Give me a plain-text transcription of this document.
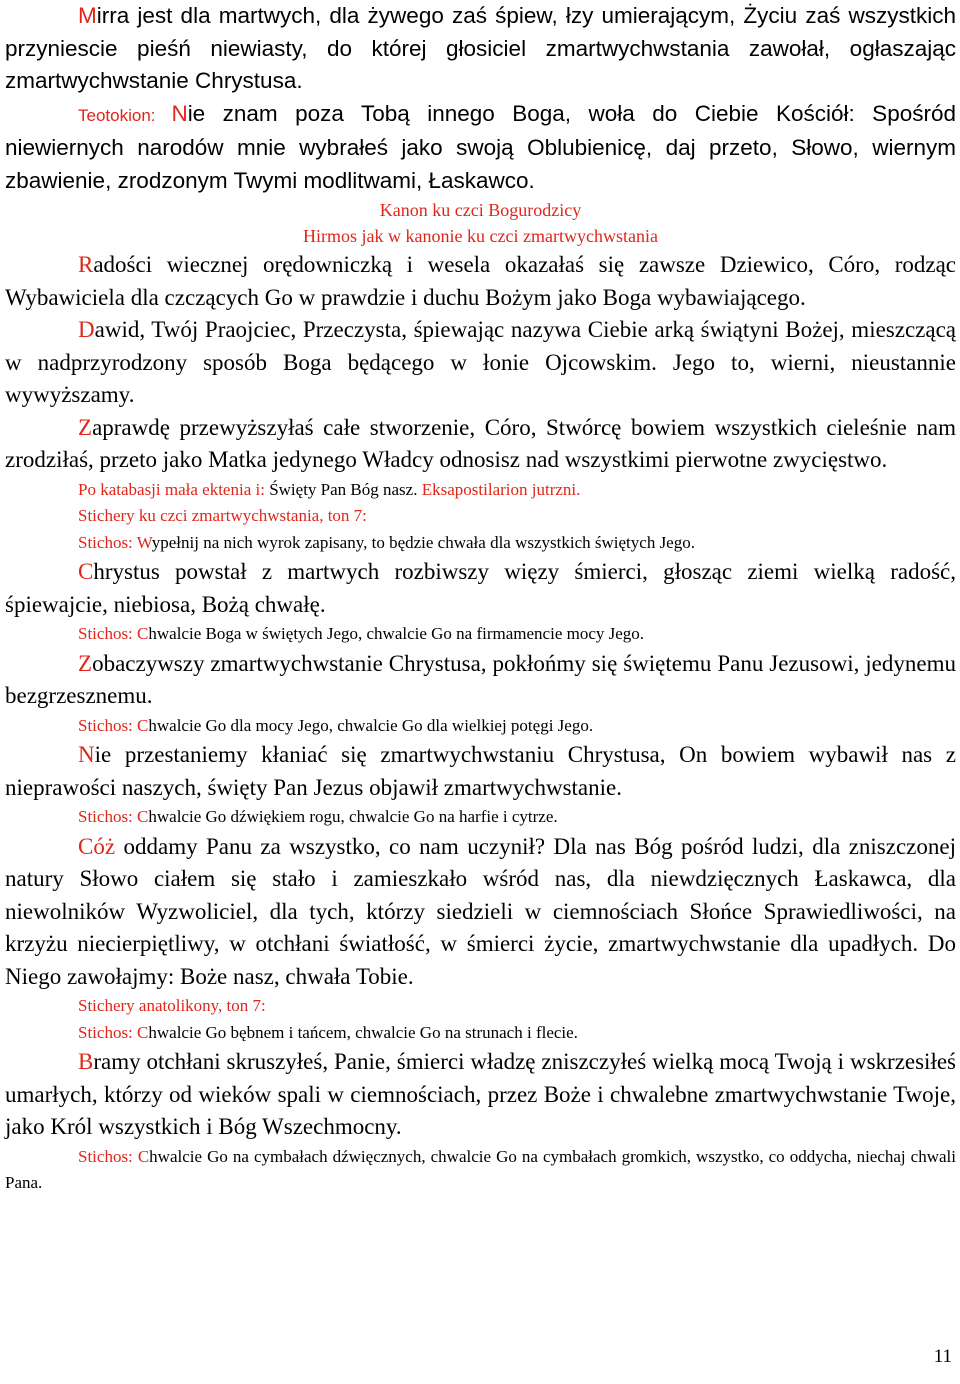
Mirra jest dla martwych, dla żywego zaś śpiew, łzy umierającym, Życiu zaś wszystkich przyniescie pieśń niewiasty, do której głosiciel zmartwychwstania zawołał, ogłaszając zmartwychwstanie Chrystusa.

Teotokion: Nie znam poza Tobą innego Boga, woła do Ciebie Kościół: Spośród niewiernych narodów mnie wybrałeś jako swoją Oblubienicę, daj przeto, Słowo, wiernym zbawienie, zrodzonym Twymi modlitwami, Łaskawco.

Kanon ku czci Bogurodzicy

Hirmos jak w kanonie ku czci zmartwychwstania

Radości wiecznej orędowniczką i wesela okazałaś się zawsze Dziewico, Córo, rodząc Wybawiciela dla czczących Go w prawdzie i duchu Bożym jako Boga wybawiającego.

Dawid, Twój Praojciec, Przeczysta, śpiewając nazywa Ciebie arką świątyni Bożej, mieszczącą w nadprzyrodzony sposób Boga będącego w łonie Ojcowskim. Jego to, wierni, nieustannie wywyższamy.

Zaprawdę przewyższyłaś całe stworzenie, Córo, Stwórcę bowiem wszystkich cieleśnie nam zrodziłaś, przeto jako Matka jedynego Władcy odnosisz nad wszystkimi pierwotne zwycięstwo.

Po katabasji mała ektenia i: Święty Pan Bóg nasz. Eksapostilarion jutrzni.

Stichery ku czci zmartwychwstania, ton 7:

Stichos: Wypełnij na nich wyrok zapisany, to będzie chwała dla wszystkich świętych Jego.

Chrystus powstał z martwych rozbiwszy więzy śmierci, głosząc ziemi wielką radość, śpiewajcie, niebiosa, Bożą chwałę.

Stichos: Chwalcie Boga w świętych Jego, chwalcie Go na firmamencie mocy Jego.

Zobaczywszy zmartwychwstanie Chrystusa, pokłońmy się świętemu Panu Jezusowi, jedynemu bezgrzesznemu.

Stichos: Chwalcie Go dla mocy Jego, chwalcie Go dla wielkiej potęgi Jego.

Nie przestaniemy kłaniać się zmartwychwstaniu Chrystusa, On bowiem wybawił nas z nieprawości naszych, święty Pan Jezus objawił zmartwychwstanie.

Stichos: Chwalcie Go dźwiękiem rogu, chwalcie Go na harfie i cytrze.

Cóż oddamy Panu za wszystko, co nam uczynił? Dla nas Bóg pośród ludzi, dla zniszczonej natury Słowo ciałem się stało i zamieszkało wśród nas, dla niewdzięcznych Łaskawca, dla niewolników Wyzwoliciel, dla tych, którzy siedzieli w ciemnościach Słońce Sprawiedliwości, na krzyżu niecierpiętliwy, w otchłani światłość, w śmierci życie, zmartwychwstanie dla upadłych. Do Niego zawołajmy: Boże nasz, chwała Tobie.

Stichery anatolikony, ton 7:

Stichos: Chwalcie Go bębnem i tańcem, chwalcie Go na strunach i flecie.

Bramy otchłani skruszyłeś, Panie, śmierci władzę zniszczyłeś wielką mocą Twoją i wskrzesiłeś umarłych, którzy od wieków spali w ciemnościach, przez Boże i chwalebne zmartwychwstanie Twoje, jako Król wszystkich i Bóg Wszechmocny.

Stichos: Chwalcie Go na cymbałach dźwięcznych, chwalcie Go na cymbałach gromkich, wszystko, co oddycha, niechaj chwali Pana.

11
